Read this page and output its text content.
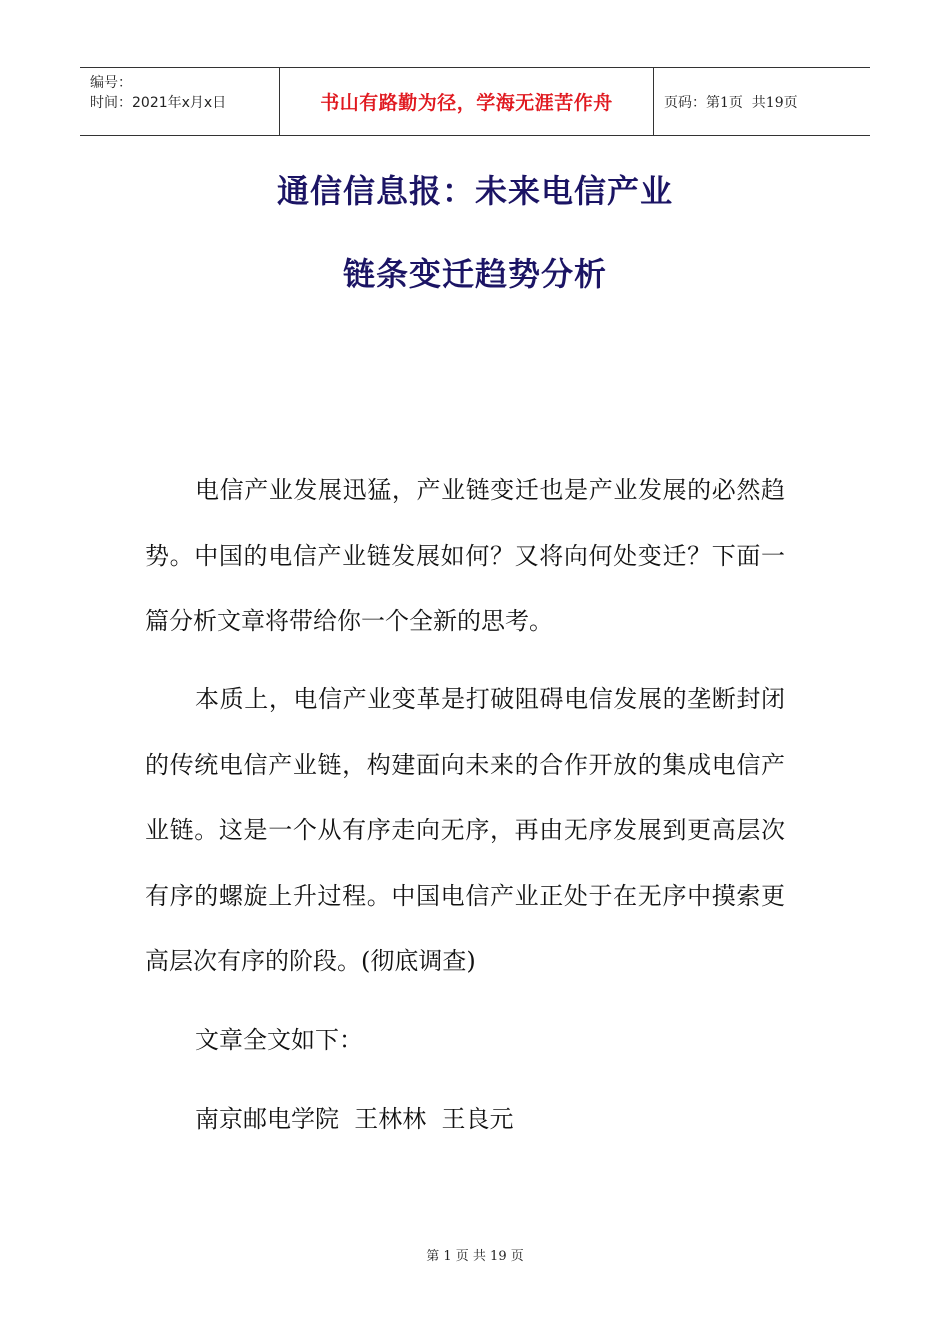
编号：
时间：2021年x月x日	书山有路勤为径，学海无涯苦作舟	页码：第1页  共19页
通信信息报：未来电信产业
链条变迁趋势分析
电信产业发展迅猛，产业链变迁也是产业发展的必然趋势。中国的电信产业链发展如何？又将向何处变迁？下面一篇分析文章将带给你一个全新的思考。
本质上，电信产业变革是打破阻碍电信发展的垄断封闭的传统电信产业链，构建面向未来的合作开放的集成电信产业链。这是一个从有序走向无序，再由无序发展到更高层次有序的螺旋上升过程。中国电信产业正处于在无序中摸索更高层次有序的阶段。(彻底调查)
文章全文如下：
南京邮电学院  王林林  王良元
第 1 页 共 19 页
